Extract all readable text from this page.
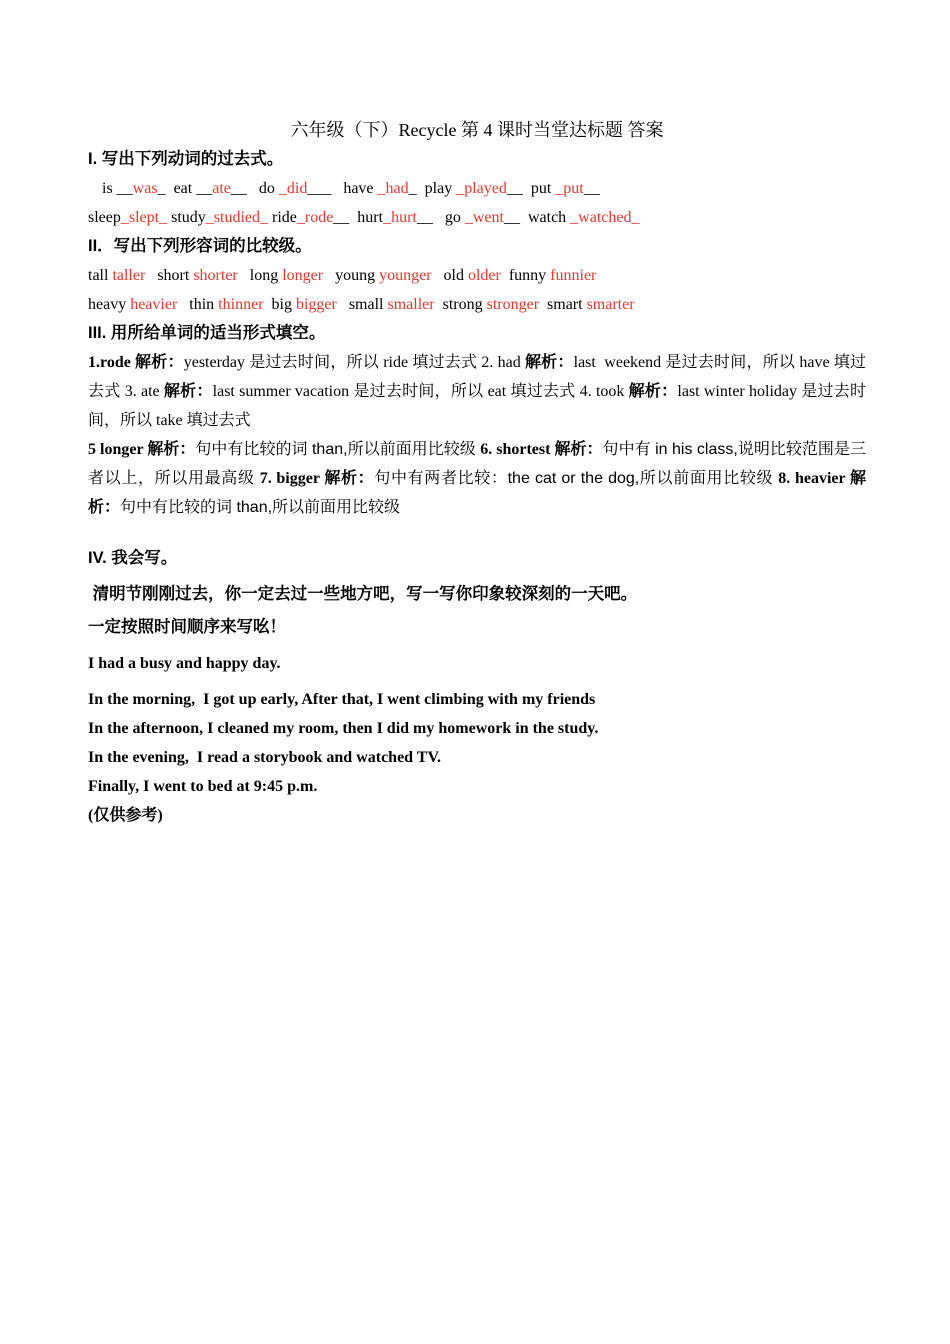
六年级（下）Recycle 第 4 课时当堂达标题 答案
I. 写出下列动词的过去式。
is __was_  eat __ate__   do _did___   have _had_  play _played__  put _put__
sleep_slept_ study_studied_ ride_rode__  hurt_hurt__   go _went__  watch _watched_
II．写出下列形容词的比较级。
tall taller   short shorter   long longer   young younger   old older  funny funnier
heavy heavier   thin thinner  big bigger   small smaller  strong stronger  smart smarter
III. 用所给单词的适当形式填空。
1.rode 解析：yesterday 是过去时间，所以 ride 填过去式 2. had 解析：last  weekend 是过去时间，所以 have 填过去式 3. ate 解析：last summer vacation 是过去时间，所以 eat 填过去式 4. took 解析：last winter holiday 是过去时间，所以 take 填过去式
5 longer 解析：句中有比较的词 than,所以前面用比较级 6. shortest 解析：句中有 in his class,说明比较范围是三者以上，所以用最高级 7. bigger 解析：句中有两者比较：the cat or the dog,所以前面用比较级 8. heavier 解析：句中有比较的词 than,所以前面用比较级
IV. 我会写。
清明节刚刚过去，你一定去过一些地方吧，写一写你印象较深刻的一天吧。
一定按照时间顺序来写吆！
I had a busy and happy day.
In the morning,  I got up early, After that, I went climbing with my friends
In the afternoon, I cleaned my room, then I did my homework in the study.
In the evening,  I read a storybook and watched TV.
Finally, I went to bed at 9:45 p.m.
(仅供参考)
